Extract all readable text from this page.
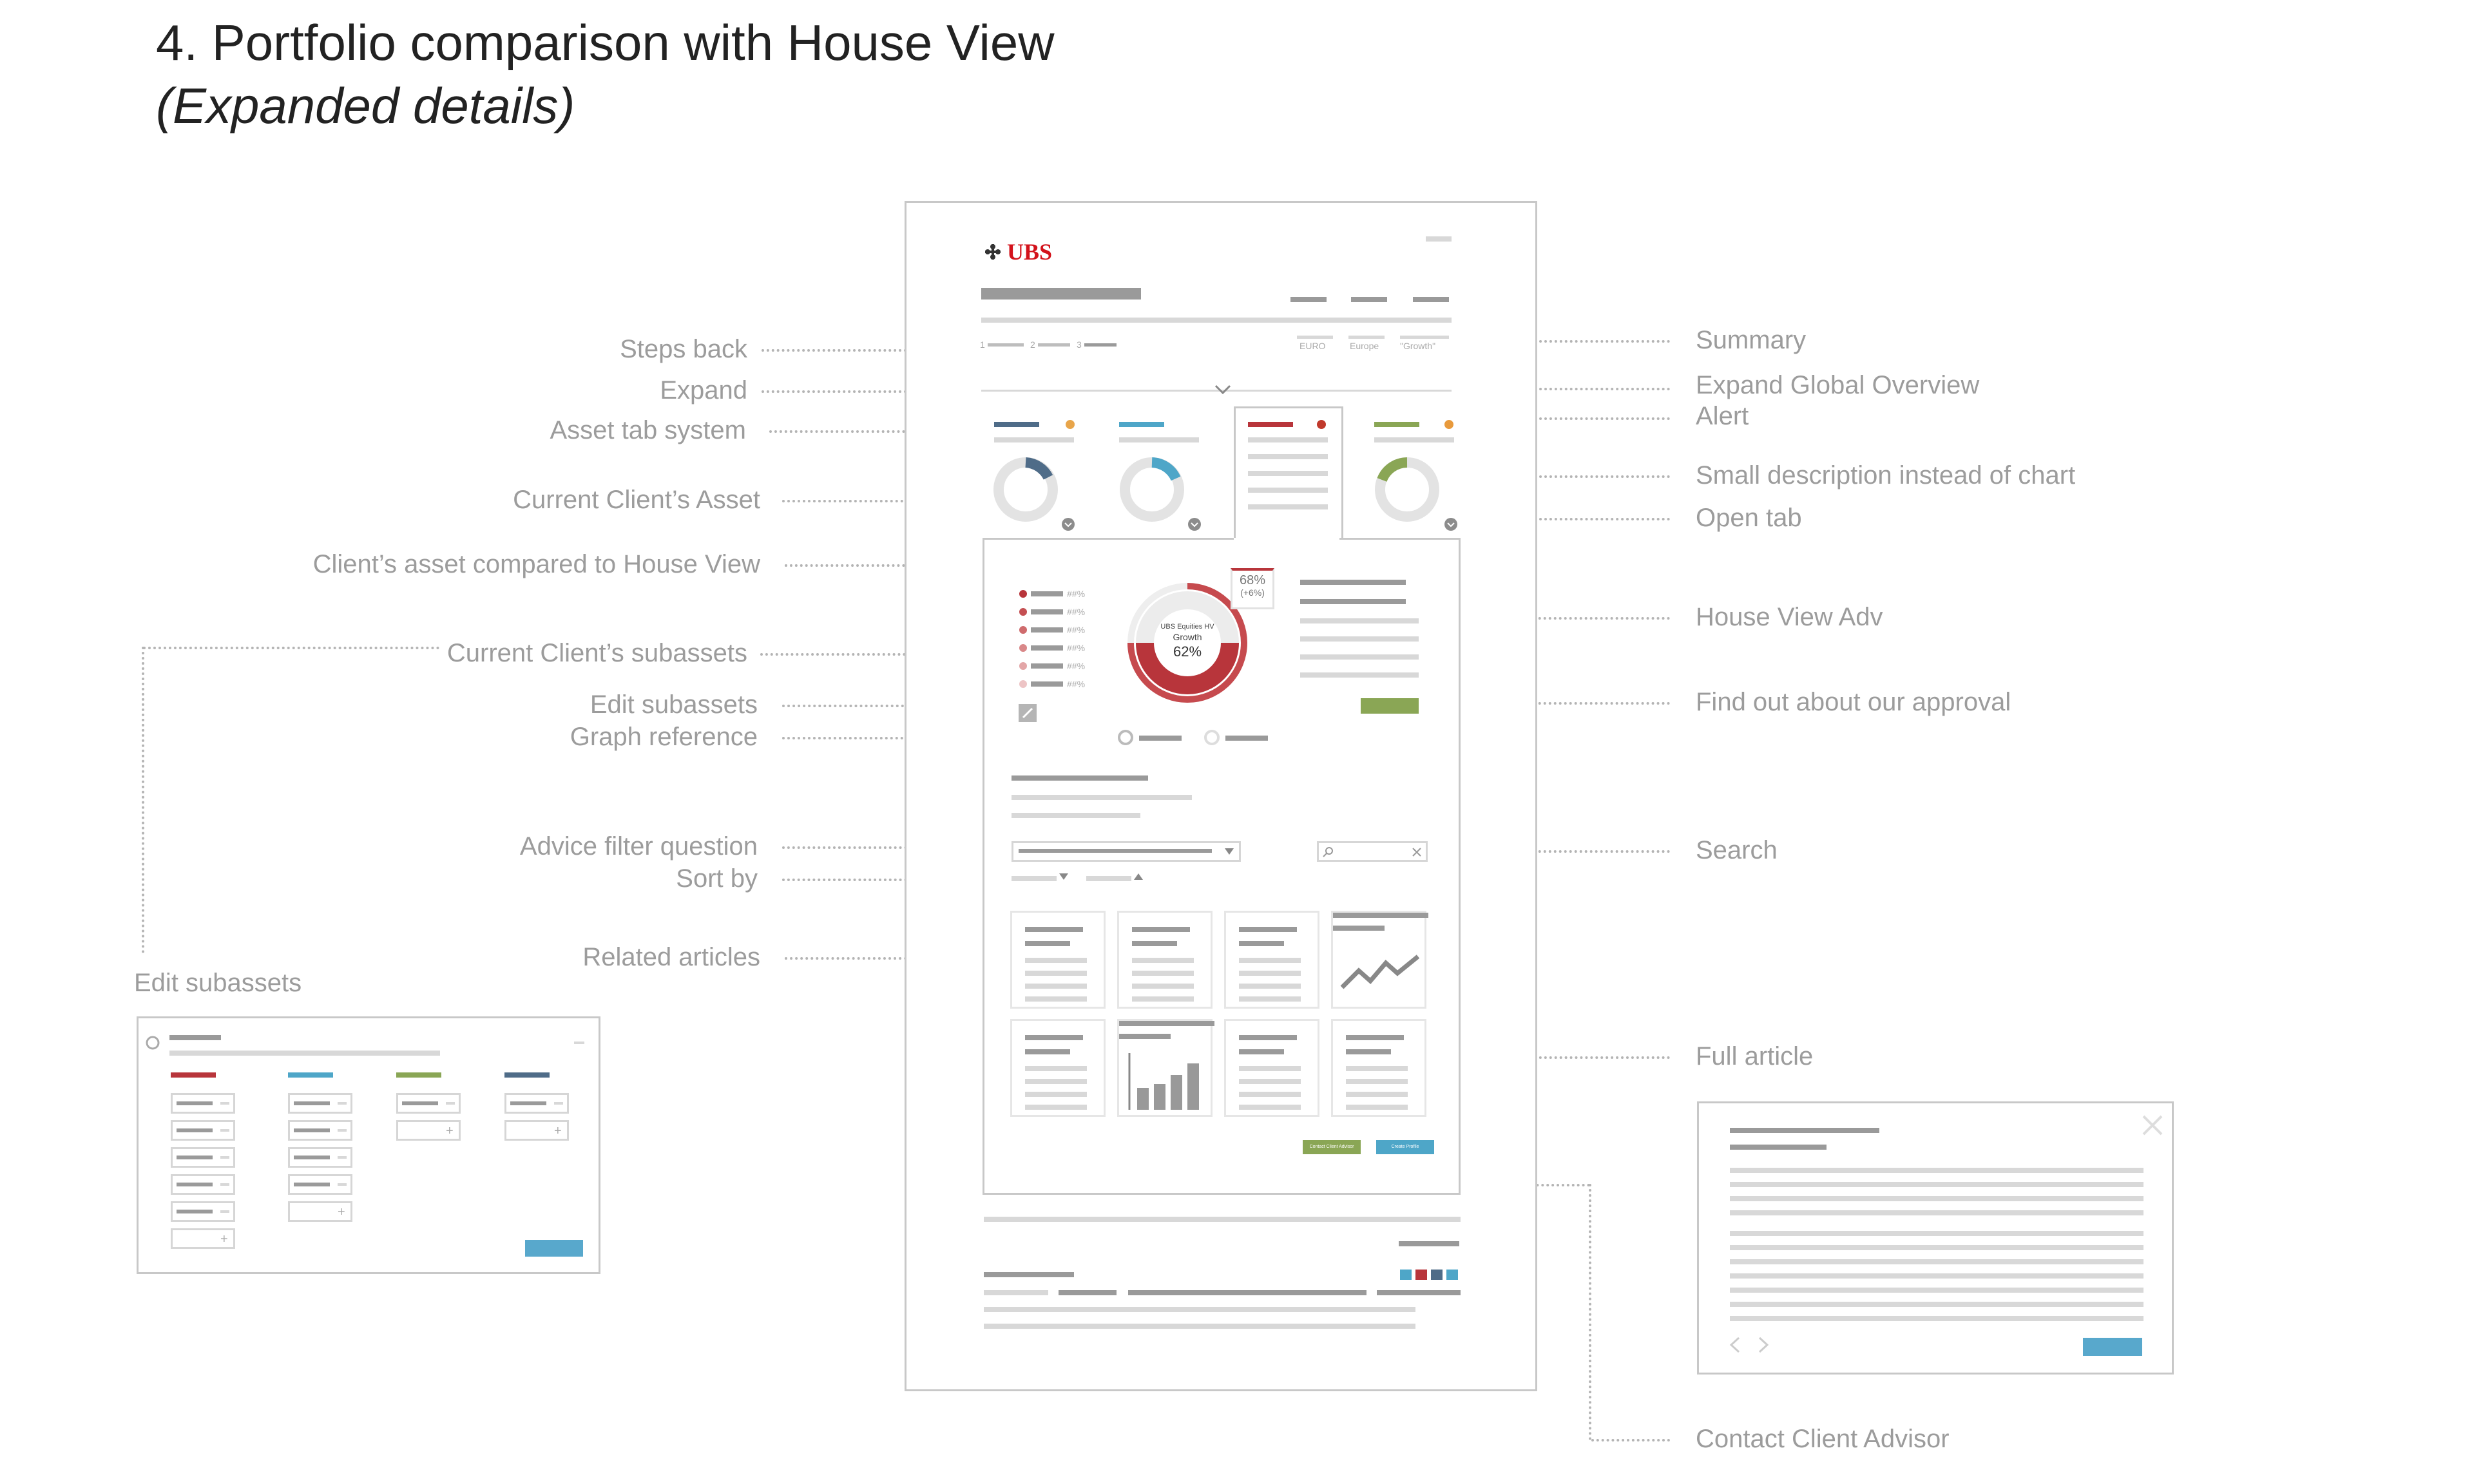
4. Portfolio comparison with House View
(Expanded details)
Steps back
Expand
Asset tab system
Current Client’s Asset
Client’s asset compared to House View
Current Client’s subassets
Edit subassets
Graph reference
Advice filter question
Sort by
Related articles
Edit subassets
Summary
Expand Global Overview
Alert
Small description instead of chart
Open tab
House View Adv
Find out about our approval
Search
Full article
Contact Client Advisor
UBS
1	2	3	EURO	Europe "Growth"
##%
##%
##%
##%
##%
##%
UBS Equities HV
Growth
62%
68%
(+6%)
Contact Client Advisor	Create Profile
+
+
+	+
